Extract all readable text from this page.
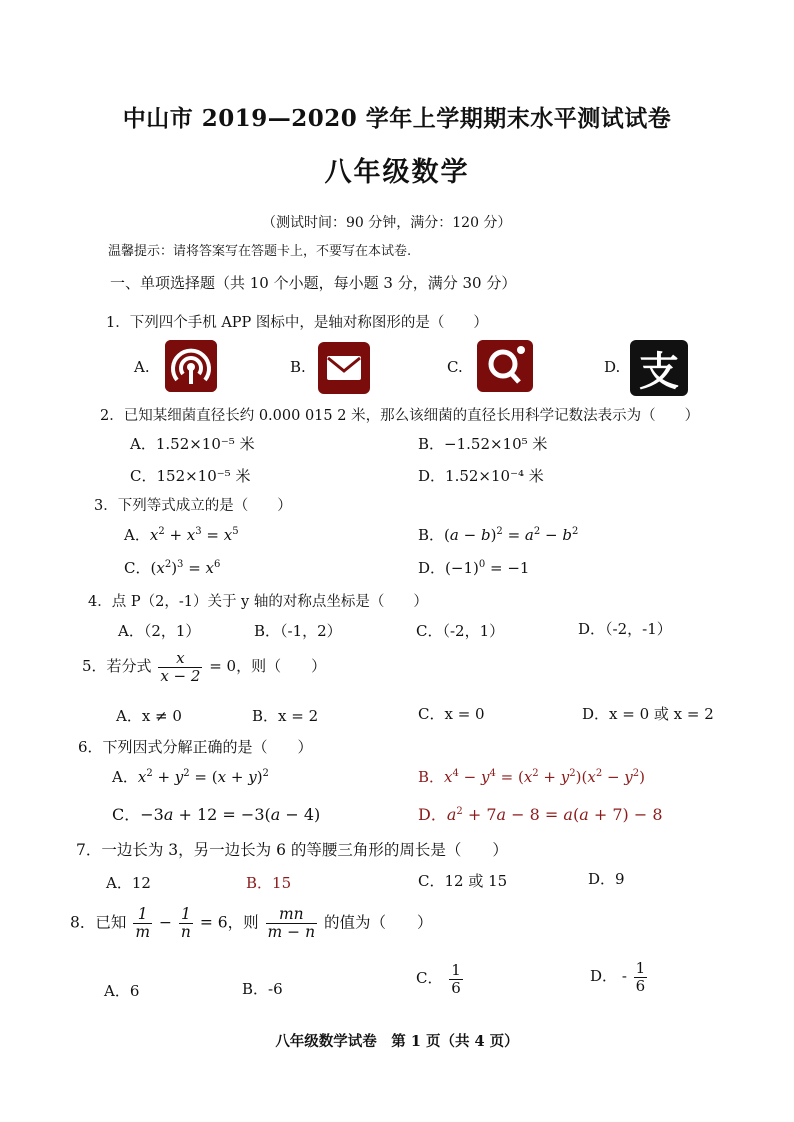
中山市 2019—2020 学年上学期期末水平测试试卷
八年级数学
（测试时间：90 分钟，满分：120 分）
温馨提示：请将答案写在答题卡上，不要写在本试卷.
一、单项选择题（共 10 个小题，每小题 3 分，满分 30 分）
1．下列四个手机 APP 图标中，是轴对称图形的是（　　）
A.	B.	C.	D. 支
2．已知某细菌直径长约 0.000 015 2 米，那么该细菌的直径长用科学记数法表示为（　　）
A．1.52×10⁻⁵ 米	B．−1.52×10⁵ 米
C．152×10⁻⁵ 米	D．1.52×10⁻⁴ 米
3．下列等式成立的是（　　）
A．$x^2 + x^3 = x^5$	B．$(a - b)^2 = a^2 - b^2$
C．$(x^2)^3 = x^6$	D．$(-1)^0 = -1$
4．点 P（2，-1）关于 y 轴的对称点坐标是（　　）
A．（2，1）	B．（-1，2）	C．（-2，1）	D．（-2，-1）
5．若分式 $\frac{x}{x - 2} = 0$，则（　　）
A．x ≠ 0	B．x = 2	C．x = 0	D．x = 0 或 x = 2
6．下列因式分解正确的是（　　）
A．$x^2 + y^2 = (x + y)^2$	B．$x^4 - y^4 = (x^2 + y^2)(x^2 - y^2)$
C．−3a + 12 = −3(a − 4)	D．$a^2 + 7a - 8 = a(a + 7) - 8$
7．一边长为 3，另一边长为 6 的等腰三角形的周长是（　　）
A．12	B．15	C．12 或 15	D．9
8．已知 $\frac{1}{m} - \frac{1}{n} = 6$，则 $\frac{mn}{m - n}$ 的值为（　　）
A．6	B．-6
C． $\frac{1}{6}$	D． - $\frac{1}{6}$
八年级数学试卷　第 1 页（共 4 页）
